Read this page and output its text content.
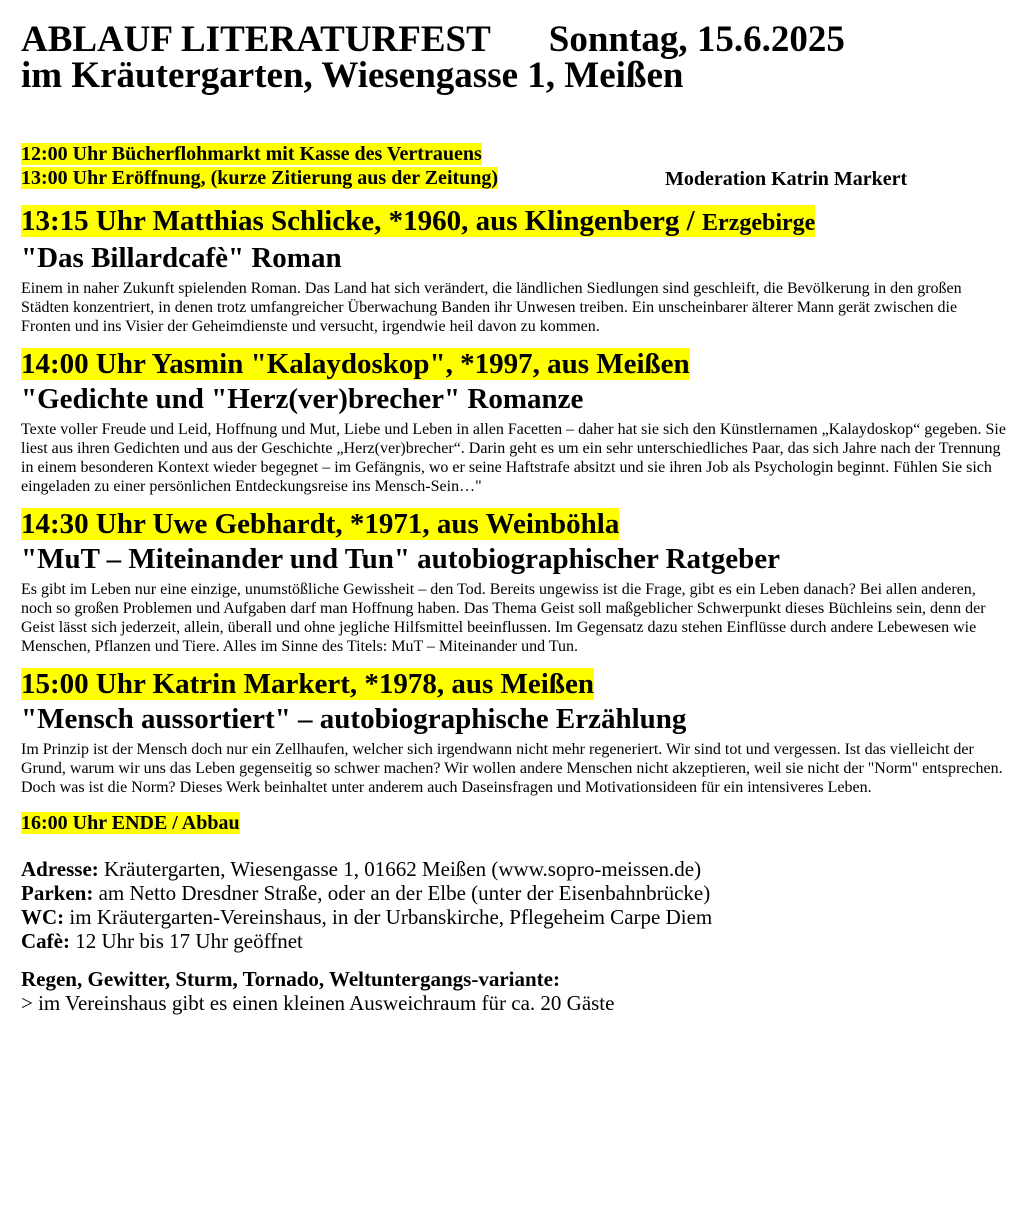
ABLAUF LITERATURFEST Sonntag, 15.6.2025
im Kräutergarten, Wiesengasse 1, Meißen
12:00 Uhr Bücherflohmarkt mit Kasse des Vertrauens
13:00 Uhr Eröffnung, (kurze Zitierung aus der Zeitung)	Moderation Katrin Markert
13:15 Uhr Matthias Schlicke, *1960, aus Klingenberg / Erzgebirge
"Das Billardcafè" Roman
Einem in naher Zukunft spielenden Roman. Das Land hat sich verändert, die ländlichen Siedlungen sind geschleift, die Bevölkerung in den großen Städten konzentriert, in denen trotz umfangreicher Überwachung Banden ihr Unwesen treiben. Ein unscheinbarer älterer Mann gerät zwischen die Fronten und ins Visier der Geheimdienste und versucht, irgendwie heil davon zu kommen.
14:00 Uhr Yasmin "Kalaydoskop", *1997, aus Meißen
"Gedichte und "Herz(ver)brecher" Romanze
Texte voller Freude und Leid, Hoffnung und Mut, Liebe und Leben in allen Facetten – daher hat sie sich den Künstlernamen „Kalaydoskop“ gegeben. Sie liest aus ihren Gedichten und aus der Geschichte „Herz(ver)brecher“. Darin geht es um ein sehr unterschiedliches Paar, das sich Jahre nach der Trennung in einem besonderen Kontext wieder begegnet – im Gefängnis, wo er seine Haftstrafe absitzt und sie ihren Job als Psychologin beginnt. Fühlen Sie sich eingeladen zu einer persönlichen Entdeckungsreise ins Mensch-Sein…"
14:30 Uhr Uwe Gebhardt, *1971, aus Weinböhla
"MuT – Miteinander und Tun" autobiographischer Ratgeber
Es gibt im Leben nur eine einzige, unumstößliche Gewissheit – den Tod. Bereits ungewiss ist die Frage, gibt es ein Leben danach? Bei allen anderen, noch so großen Problemen und Aufgaben darf man Hoffnung haben. Das Thema Geist soll maßgeblicher Schwerpunkt dieses Büchleins sein, denn der Geist lässt sich jederzeit, allein, überall und ohne jegliche Hilfsmittel beeinflussen. Im Gegensatz dazu stehen Einflüsse durch andere Lebewesen wie Menschen, Pflanzen und Tiere. Alles im Sinne des Titels: MuT – Miteinander und Tun.
15:00 Uhr Katrin Markert, *1978, aus Meißen
"Mensch aussortiert" – autobiographische Erzählung
Im Prinzip ist der Mensch doch nur ein Zellhaufen, welcher sich irgendwann nicht mehr regeneriert. Wir sind tot und vergessen. Ist das vielleicht der Grund, warum wir uns das Leben gegenseitig so schwer machen? Wir wollen andere Menschen nicht akzeptieren, weil sie nicht der "Norm" entsprechen. Doch was ist die Norm? Dieses Werk beinhaltet unter anderem auch Daseinsfragen und Motivationsideen für ein intensiveres Leben.
16:00 Uhr ENDE / Abbau
Adresse: Kräutergarten, Wiesengasse 1, 01662 Meißen (www.sopro-meissen.de)
Parken: am Netto Dresdner Straße, oder an der Elbe (unter der Eisenbahnbrücke)
WC: im Kräutergarten-Vereinshaus, in der Urbanskirche, Pflegeheim Carpe Diem
Cafè: 12 Uhr bis 17 Uhr geöffnet
Regen, Gewitter, Sturm, Tornado, Weltuntergangs-variante:
> im Vereinshaus gibt es einen kleinen Ausweichraum für ca. 20 Gäste
